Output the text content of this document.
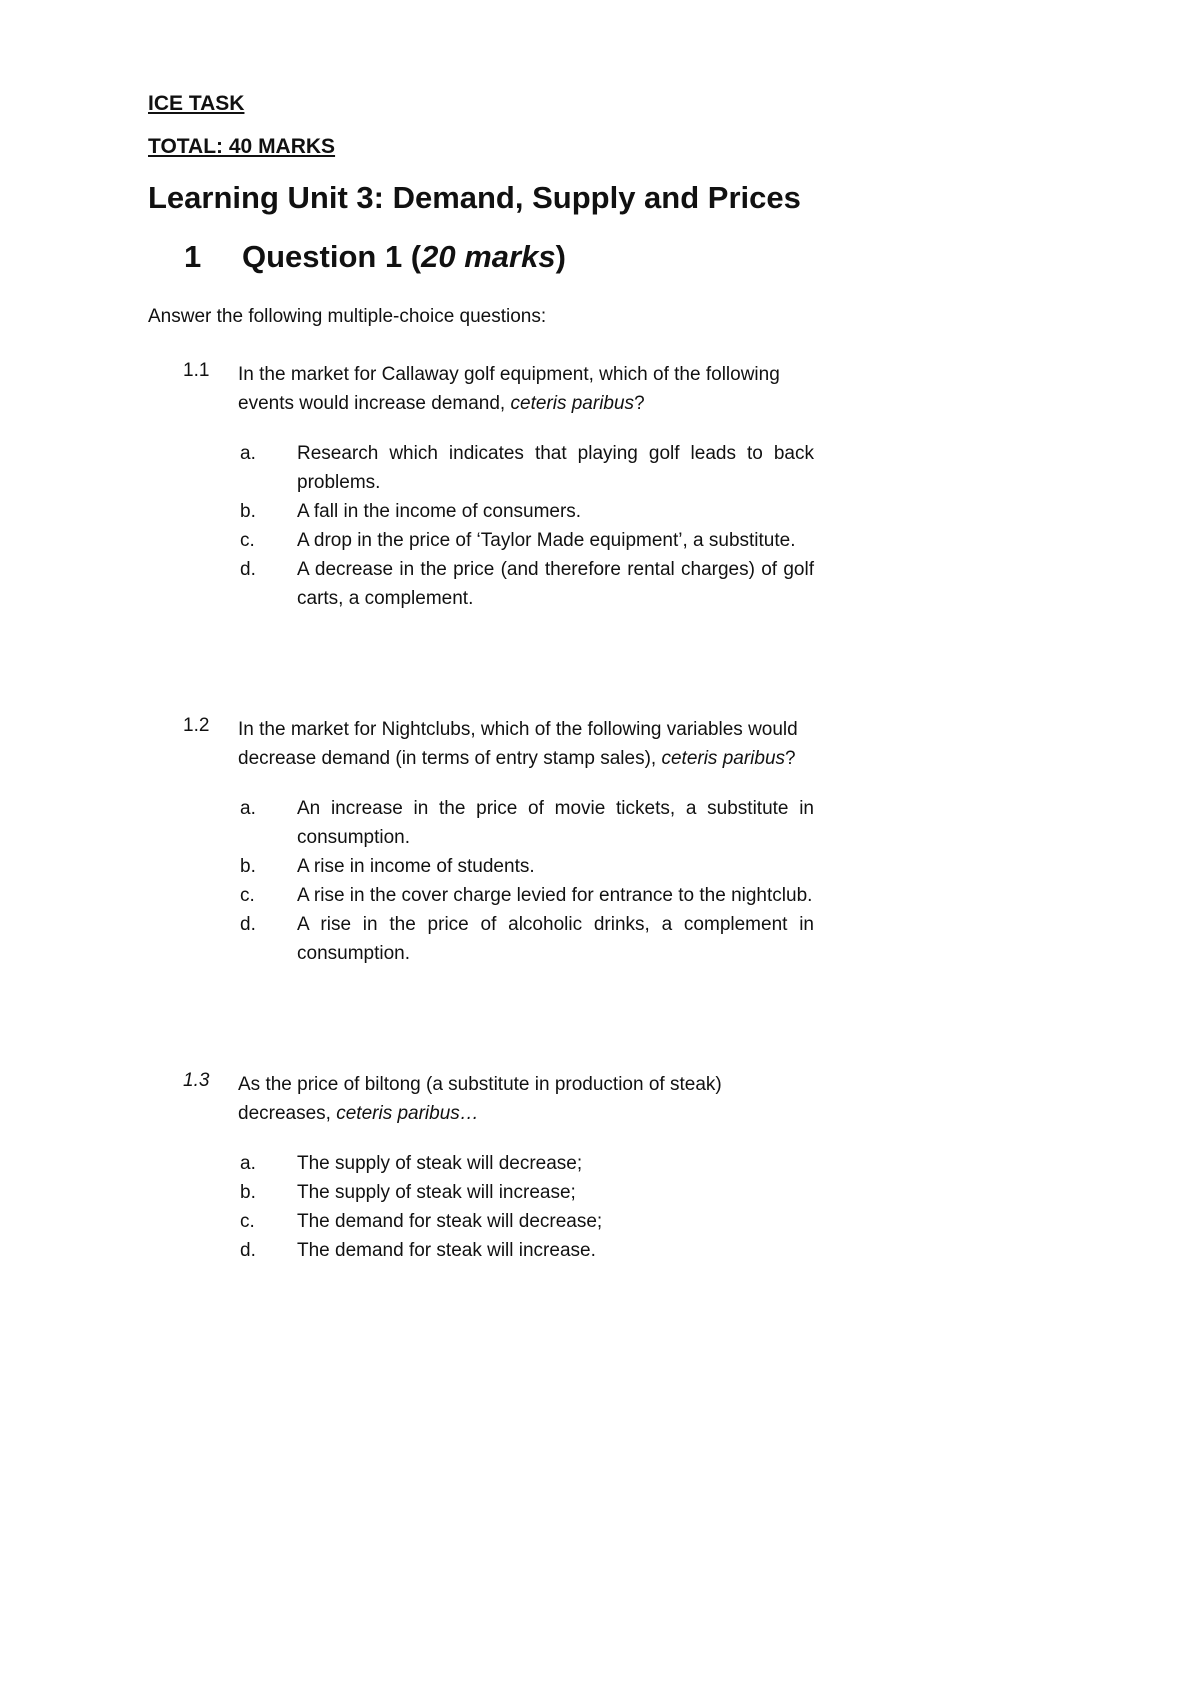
ICE TASK
TOTAL: 40 MARKS
Learning Unit 3: Demand, Supply and Prices
1 Question 1 (20 marks)
Answer the following multiple-choice questions:
1.1 In the market for Callaway golf equipment, which of the following events would increase demand, ceteris paribus?
a. Research which indicates that playing golf leads to back problems.
b. A fall in the income of consumers.
c. A drop in the price of ‘Taylor Made equipment’, a substitute.
d. A decrease in the price (and therefore rental charges) of golf carts, a complement.
1.2 In the market for Nightclubs, which of the following variables would decrease demand (in terms of entry stamp sales), ceteris paribus?
a. An increase in the price of movie tickets, a substitute in consumption.
b. A rise in income of students.
c. A rise in the cover charge levied for entrance to the nightclub.
d. A rise in the price of alcoholic drinks, a complement in consumption.
1.3 As the price of biltong (a substitute in production of steak) decreases, ceteris paribus…
a. The supply of steak will decrease;
b. The supply of steak will increase;
c. The demand for steak will decrease;
d. The demand for steak will increase.
